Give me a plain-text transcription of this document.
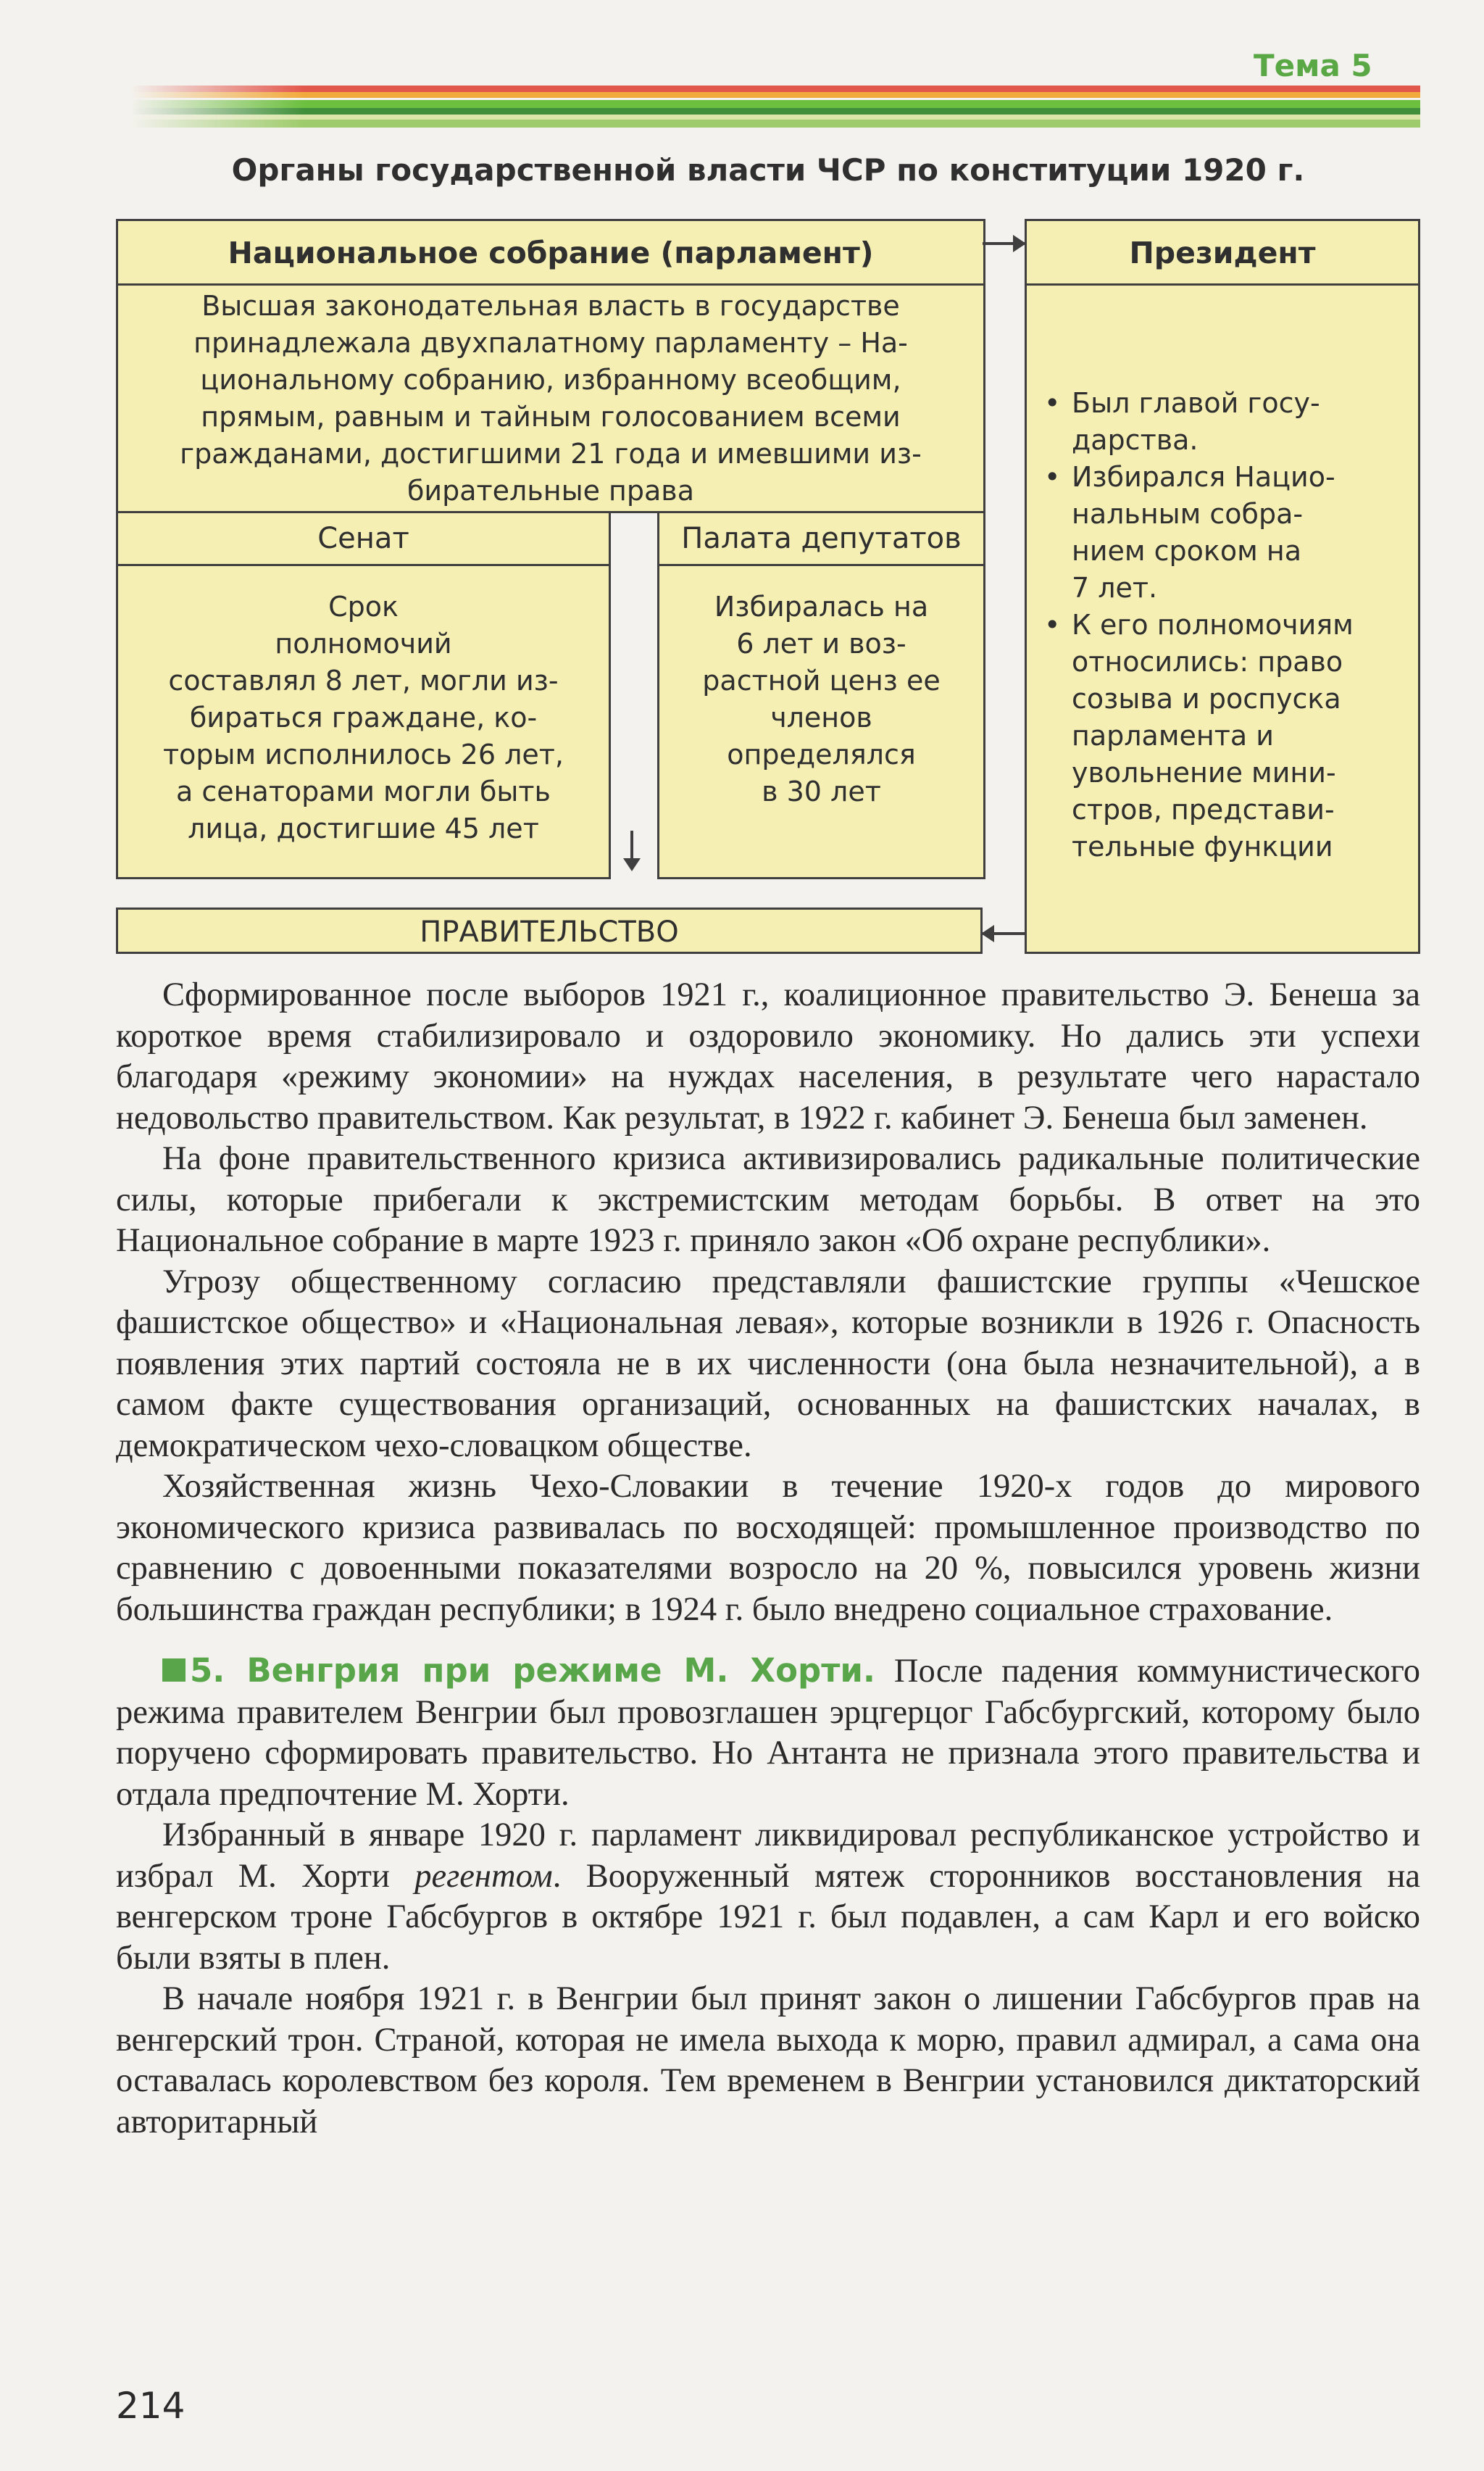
Тема 5
Органы государственной власти ЧСР по конституции 1920 г.
Национальное собрание (парламент)
Высшая законодательная власть в государстве
принадлежала двухпалатному парламенту – На-
циональному собранию, избранному всеобщим,
прямым, равным и тайным голосованием всеми
гражданами, достигшими 21 года и имевшими из-
бирательные права
Сенат
Срок
полномочий
составлял 8 лет, могли из-
бираться граждане, ко-
торым исполнилось 26 лет,
а сенаторами могли быть
лица, достигшие 45 лет
Палата депутатов
Избиралась на
6 лет и воз-
растной ценз ее
членов
определялся
в 30 лет
Президент
• Был главой госу-
дарства.
• Избирался Нацио-
нальным собра-
нием сроком на
7 лет.
• К его полномочиям
относились: право
созыва и роспуска
парламента и
увольнение мини-
стров, представи-
тельные функции
ПРАВИТЕЛЬСТВО

Сформированное после выборов 1921 г., коалиционное правительство Э. Бенеша за короткое время стабилизировало и оздоровило экономику. Но дались эти успехи благодаря «режиму экономии» на нуждах населения, в результате чего нарастало недовольство правительством. Как результат, в 1922 г. кабинет Э. Бенеша был заменен.

На фоне правительственного кризиса активизировались радикальные политические силы, которые прибегали к экстремистским методам борьбы. В ответ на это Национальное собрание в марте 1923 г. приняло закон «Об охране республики».

Угрозу общественному согласию представляли фашистские группы «Чешское фашистское общество» и «Национальная левая», которые возникли в 1926 г. Опасность появления этих партий состояла не в их численности (она была незначительной), а в самом факте существования организаций, основанных на фашистских началах, в демократическом чехо-словацком обществе.

Хозяйственная жизнь Чехо-Словакии в течение 1920-х годов до мирового экономического кризиса развивалась по восходящей: промышленное производство по сравнению с довоенными показателями возросло на 20 %, повысился уровень жизни большинства граждан республики; в 1924 г. было внедрено социальное страхование.

5. Венгрия при режиме М. Хорти. После падения коммунистического режима правителем Венгрии был провозглашен эрцгерцог Габсбургский, которому было поручено сформировать правительство. Но Антанта не признала этого правительства и отдала предпочтение М. Хорти.

Избранный в январе 1920 г. парламент ликвидировал республиканское устройство и избрал М. Хорти регентом. Вооруженный мятеж сторонников восстановления на венгерском троне Габсбургов в октябре 1921 г. был подавлен, а сам Карл и его войско были взяты в плен.

В начале ноября 1921 г. в Венгрии был принят закон о лишении Габсбургов прав на венгерский трон. Страной, которая не имела выхода к морю, правил адмирал, а сама она оставалась королевством без короля. Тем временем в Венгрии установился диктаторский авторитарный

214
